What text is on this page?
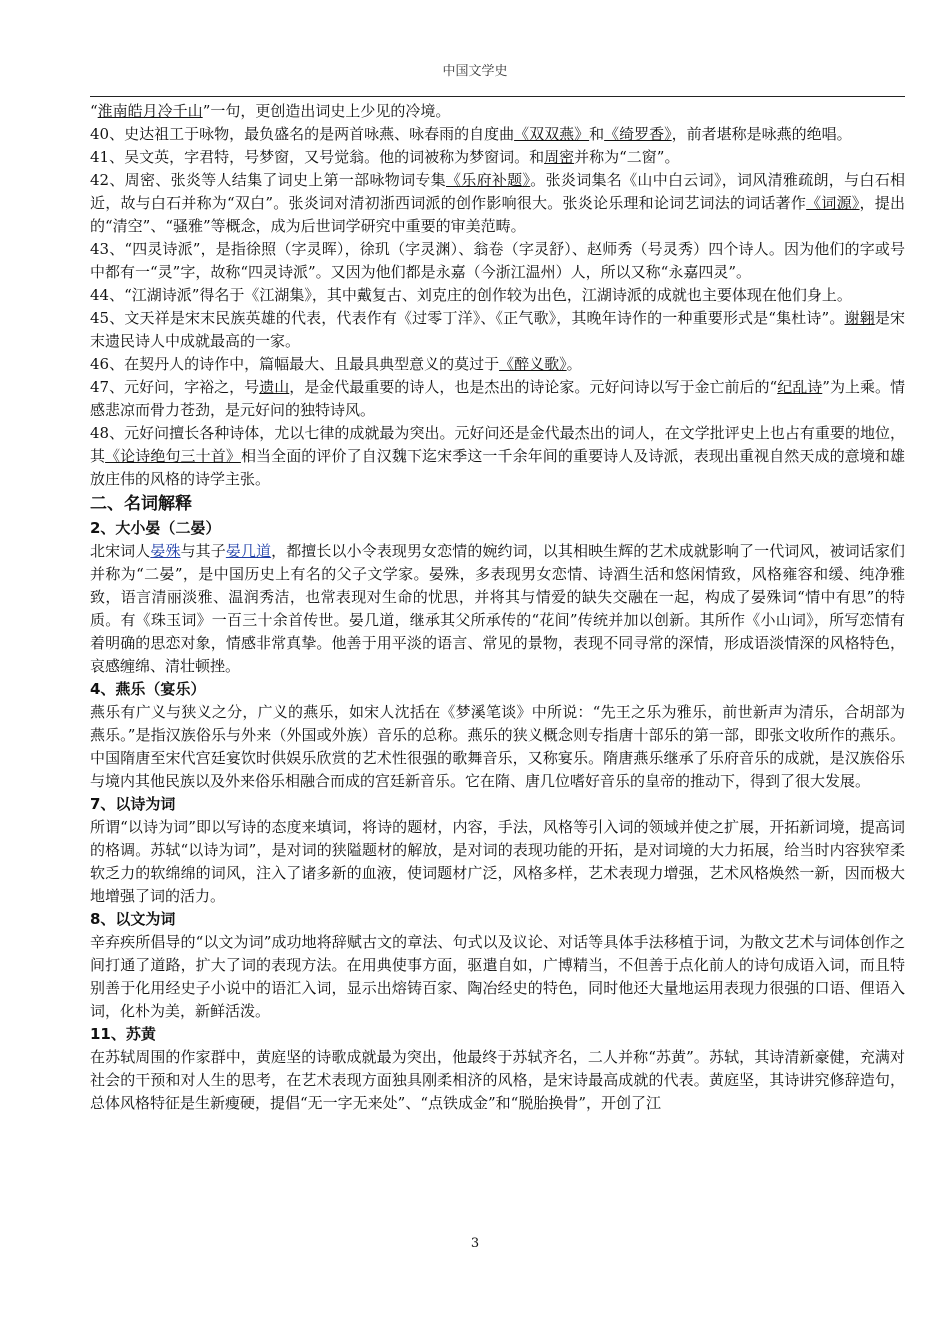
中国文学史

“淮南皓月冷千山”一句，更创造出词史上少见的冷境。

40、史达祖工于咏物，最负盛名的是两首咏燕、咏春雨的自度曲《双双燕》和《绮罗香》，前者堪称是咏燕的绝唱。

41、吴文英，字君特，号梦窗，又号觉翁。他的词被称为梦窗词。和周密并称为“二窗”。

42、周密、张炎等人结集了词史上第一部咏物词专集《乐府补题》。张炎词集名《山中白云词》，词风清雅疏朗，与白石相近，故与白石并称为“双白”。张炎词对清初浙西词派的创作影响很大。张炎论乐理和论词艺词法的词话著作《词源》，提出的“清空”、“骚雅”等概念，成为后世词学研究中重要的审美范畴。

43、“四灵诗派”，是指徐照（字灵晖），徐玑（字灵渊）、翁卷（字灵舒）、赵师秀（号灵秀）四个诗人。因为他们的字或号中都有一“灵”字，故称“四灵诗派”。又因为他们都是永嘉（今浙江温州）人，所以又称“永嘉四灵”。

44、“江湖诗派”得名于《江湖集》，其中戴复古、刘克庄的创作较为出色，江湖诗派的成就也主要体现在他们身上。

45、文天祥是宋末民族英雄的代表，代表作有《过零丁洋》、《正气歌》，其晚年诗作的一种重要形式是“集杜诗”。谢翱是宋末遗民诗人中成就最高的一家。

46、在契丹人的诗作中，篇幅最大、且最具典型意义的莫过于《醉义歌》。

47、元好问，字裕之，号遗山，是金代最重要的诗人，也是杰出的诗论家。元好问诗以写于金亡前后的“纪乱诗”为上乘。情感悲凉而骨力苍劲，是元好问的独特诗风。

48、元好问擅长各种诗体，尤以七律的成就最为突出。元好问还是金代最杰出的词人，在文学批评史上也占有重要的地位，其《论诗绝句三十首》相当全面的评价了自汉魏下迄宋季这一千余年间的重要诗人及诗派，表现出重视自然天成的意境和雄放庄伟的风格的诗学主张。

二、名词解释

2、大小晏（二晏）

北宋词人晏殊与其子晏几道，都擅长以小令表现男女恋情的婉约词，以其相映生辉的艺术成就影响了一代词风，被词话家们并称为“二晏”，是中国历史上有名的父子文学家。晏殊，多表现男女恋情、诗酒生活和悠闲情致，风格雍容和缓、纯净雅致，语言清丽淡雅、温润秀洁，也常表现对生命的忧思，并将其与情爱的缺失交融在一起，构成了晏殊词“情中有思”的特质。有《珠玉词》一百三十余首传世。晏几道，继承其父所承传的“花间”传统并加以创新。其所作《小山词》，所写恋情有着明确的思恋对象，情感非常真挚。他善于用平淡的语言、常见的景物，表现不同寻常的深情，形成语淡情深的风格特色，哀感缠绵、清壮顿挫。

4、燕乐（宴乐）

燕乐有广义与狭义之分，广义的燕乐，如宋人沈括在《梦溪笔谈》中所说：“先王之乐为雅乐，前世新声为清乐，合胡部为燕乐。”是指汉族俗乐与外来（外国或外族）音乐的总称。燕乐的狭义概念则专指唐十部乐的第一部，即张文收所作的燕乐。中国隋唐至宋代宫廷宴饮时供娱乐欣赏的艺术性很强的歌舞音乐，又称宴乐。隋唐燕乐继承了乐府音乐的成就，是汉族俗乐与境内其他民族以及外来俗乐相融合而成的宫廷新音乐。它在隋、唐几位嗜好音乐的皇帝的推动下，得到了很大发展。

7、以诗为词

所谓“以诗为词”即以写诗的态度来填词，将诗的题材，内容，手法，风格等引入词的领域并使之扩展，开拓新词境，提高词的格调。苏轼“以诗为词”，是对词的狭隘题材的解放，是对词的表现功能的开拓，是对词境的大力拓展，给当时内容狭窄柔软乏力的软绵绵的词风，注入了诸多新的血液，使词题材广泛，风格多样，艺术表现力增强，艺术风格焕然一新，因而极大地增强了词的活力。

8、以文为词

辛弃疾所倡导的“以文为词”成功地将辞赋古文的章法、句式以及议论、对话等具体手法移植于词，为散文艺术与词体创作之间打通了道路，扩大了词的表现方法。在用典使事方面，驱遣自如，广博精当，不但善于点化前人的诗句成语入词，而且特别善于化用经史子小说中的语汇入词，显示出熔铸百家、陶冶经史的特色，同时他还大量地运用表现力很强的口语、俚语入词，化朴为美，新鲜活泼。

11、苏黄

在苏轼周围的作家群中，黄庭坚的诗歌成就最为突出，他最终于苏轼齐名，二人并称“苏黄”。苏轼，其诗清新豪健，充满对社会的干预和对人生的思考，在艺术表现方面独具刚柔相济的风格，是宋诗最高成就的代表。黄庭坚，其诗讲究修辞造句，总体风格特征是生新瘦硬，提倡“无一字无来处”、“点铁成金”和“脱胎换骨”，开创了江

3
